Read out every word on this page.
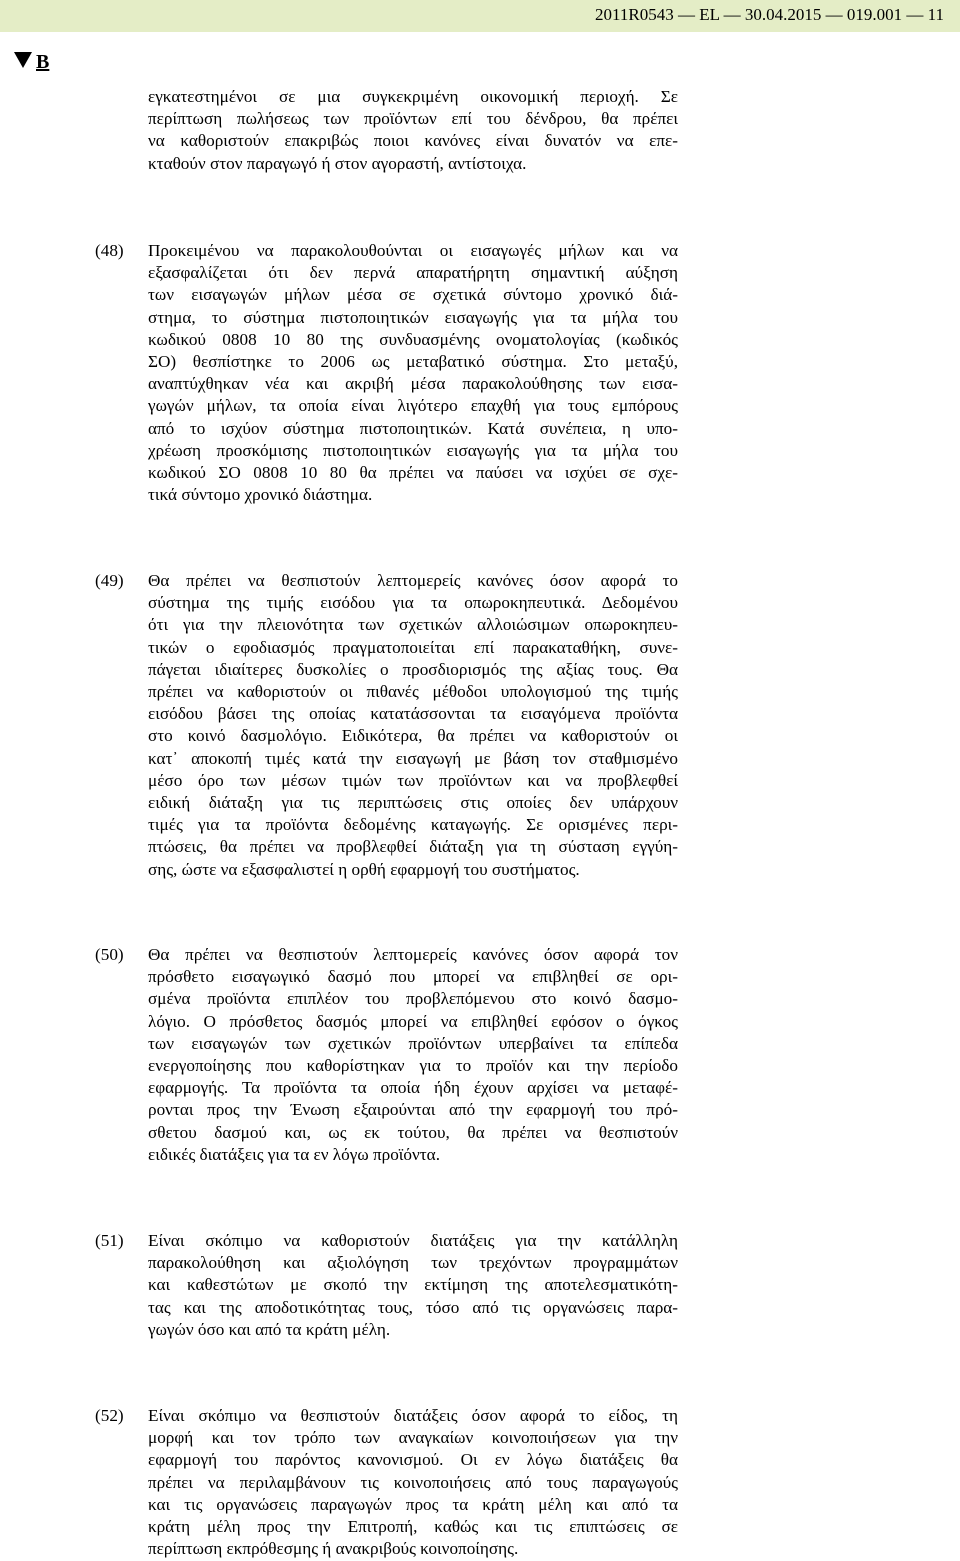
2011R0543 — EL — 30.04.2015 — 019.001 — 11
B
εγκατεστημένοι σε μια συγκεκριμένη οικονομική περιοχή. Σε
περίπτωση πωλήσεως των προϊόντων επί του δένδρου, θα πρέπει
να καθοριστούν επακριβώς ποιοι κανόνες είναι δυνατόν να επε-
κταθούν στον παραγωγό ή στον αγοραστή, αντίστοιχα.
(48)	Προκειμένου να παρακολουθούνται οι εισαγωγές μήλων και να
εξασφαλίζεται ότι δεν περνά απαρατήρητη σημαντική αύξηση
των εισαγωγών μήλων μέσα σε σχετικά σύντομο χρονικό διά-
στημα, το σύστημα πιστοποιητικών εισαγωγής για τα μήλα του
κωδικού 0808 10 80 της συνδυασμένης ονοματολογίας (κωδικός
ΣΟ) θεσπίστηκε το 2006 ως μεταβατικό σύστημα. Στο μεταξύ,
αναπτύχθηκαν νέα και ακριβή μέσα παρακολούθησης των εισα-
γωγών μήλων, τα οποία είναι λιγότερο επαχθή για τους εμπόρους
από το ισχύον σύστημα πιστοποιητικών. Κατά συνέπεια, η υπο-
χρέωση προσκόμισης πιστοποιητικών εισαγωγής για τα μήλα του
κωδικού ΣΟ 0808 10 80 θα πρέπει να παύσει να ισχύει σε σχε-
τικά σύντομο χρονικό διάστημα.
(49)	Θα πρέπει να θεσπιστούν λεπτομερείς κανόνες όσον αφορά το
σύστημα της τιμής εισόδου για τα οπωροκηπευτικά. Δεδομένου
ότι για την πλειονότητα των σχετικών αλλοιώσιμων οπωροκηπευ-
τικών ο εφοδιασμός πραγματοποιείται επί παρακαταθήκη, συνε-
πάγεται ιδιαίτερες δυσκολίες ο προσδιορισμός της αξίας τους. Θα
πρέπει να καθοριστούν οι πιθανές μέθοδοι υπολογισμού της τιμής
εισόδου βάσει της οποίας κατατάσσονται τα εισαγόμενα προϊόντα
στο κοινό δασμολόγιο. Ειδικότερα, θα πρέπει να καθοριστούν οι
κατ᾽ αποκοπή τιμές κατά την εισαγωγή με βάση τον σταθμισμένο
μέσο όρο των μέσων τιμών των προϊόντων και να προβλεφθεί
ειδική διάταξη για τις περιπτώσεις στις οποίες δεν υπάρχουν
τιμές για τα προϊόντα δεδομένης καταγωγής. Σε ορισμένες περι-
πτώσεις, θα πρέπει να προβλεφθεί διάταξη για τη σύσταση εγγύη-
σης, ώστε να εξασφαλιστεί η ορθή εφαρμογή του συστήματος.
(50)	Θα πρέπει να θεσπιστούν λεπτομερείς κανόνες όσον αφορά τον
πρόσθετο εισαγωγικό δασμό που μπορεί να επιβληθεί σε ορι-
σμένα προϊόντα επιπλέον του προβλεπόμενου στο κοινό δασμο-
λόγιο. Ο πρόσθετος δασμός μπορεί να επιβληθεί εφόσον ο όγκος
των εισαγωγών των σχετικών προϊόντων υπερβαίνει τα επίπεδα
ενεργοποίησης που καθορίστηκαν για το προϊόν και την περίοδο
εφαρμογής. Τα προϊόντα τα οποία ήδη έχουν αρχίσει να μεταφέ-
ρονται προς την Ένωση εξαιρούνται από την εφαρμογή του πρό-
σθετου δασμού και, ως εκ τούτου, θα πρέπει να θεσπιστούν
ειδικές διατάξεις για τα εν λόγω προϊόντα.
(51)	Είναι σκόπιμο να καθοριστούν διατάξεις για την κατάλληλη
παρακολούθηση και αξιολόγηση των τρεχόντων προγραμμάτων
και καθεστώτων με σκοπό την εκτίμηση της αποτελεσματικότη-
τας και της αποδοτικότητας τους, τόσο από τις οργανώσεις παρα-
γωγών όσο και από τα κράτη μέλη.
(52)	Είναι σκόπιμο να θεσπιστούν διατάξεις όσον αφορά το είδος, τη
μορφή και τον τρόπο των αναγκαίων κοινοποιήσεων για την
εφαρμογή του παρόντος κανονισμού. Οι εν λόγω διατάξεις θα
πρέπει να περιλαμβάνουν τις κοινοποιήσεις από τους παραγωγούς
και τις οργανώσεις παραγωγών προς τα κράτη μέλη και από τα
κράτη μέλη προς την Επιτροπή, καθώς και τις επιπτώσεις σε
περίπτωση εκπρόθεσμης ή ανακριβούς κοινοποίησης.
